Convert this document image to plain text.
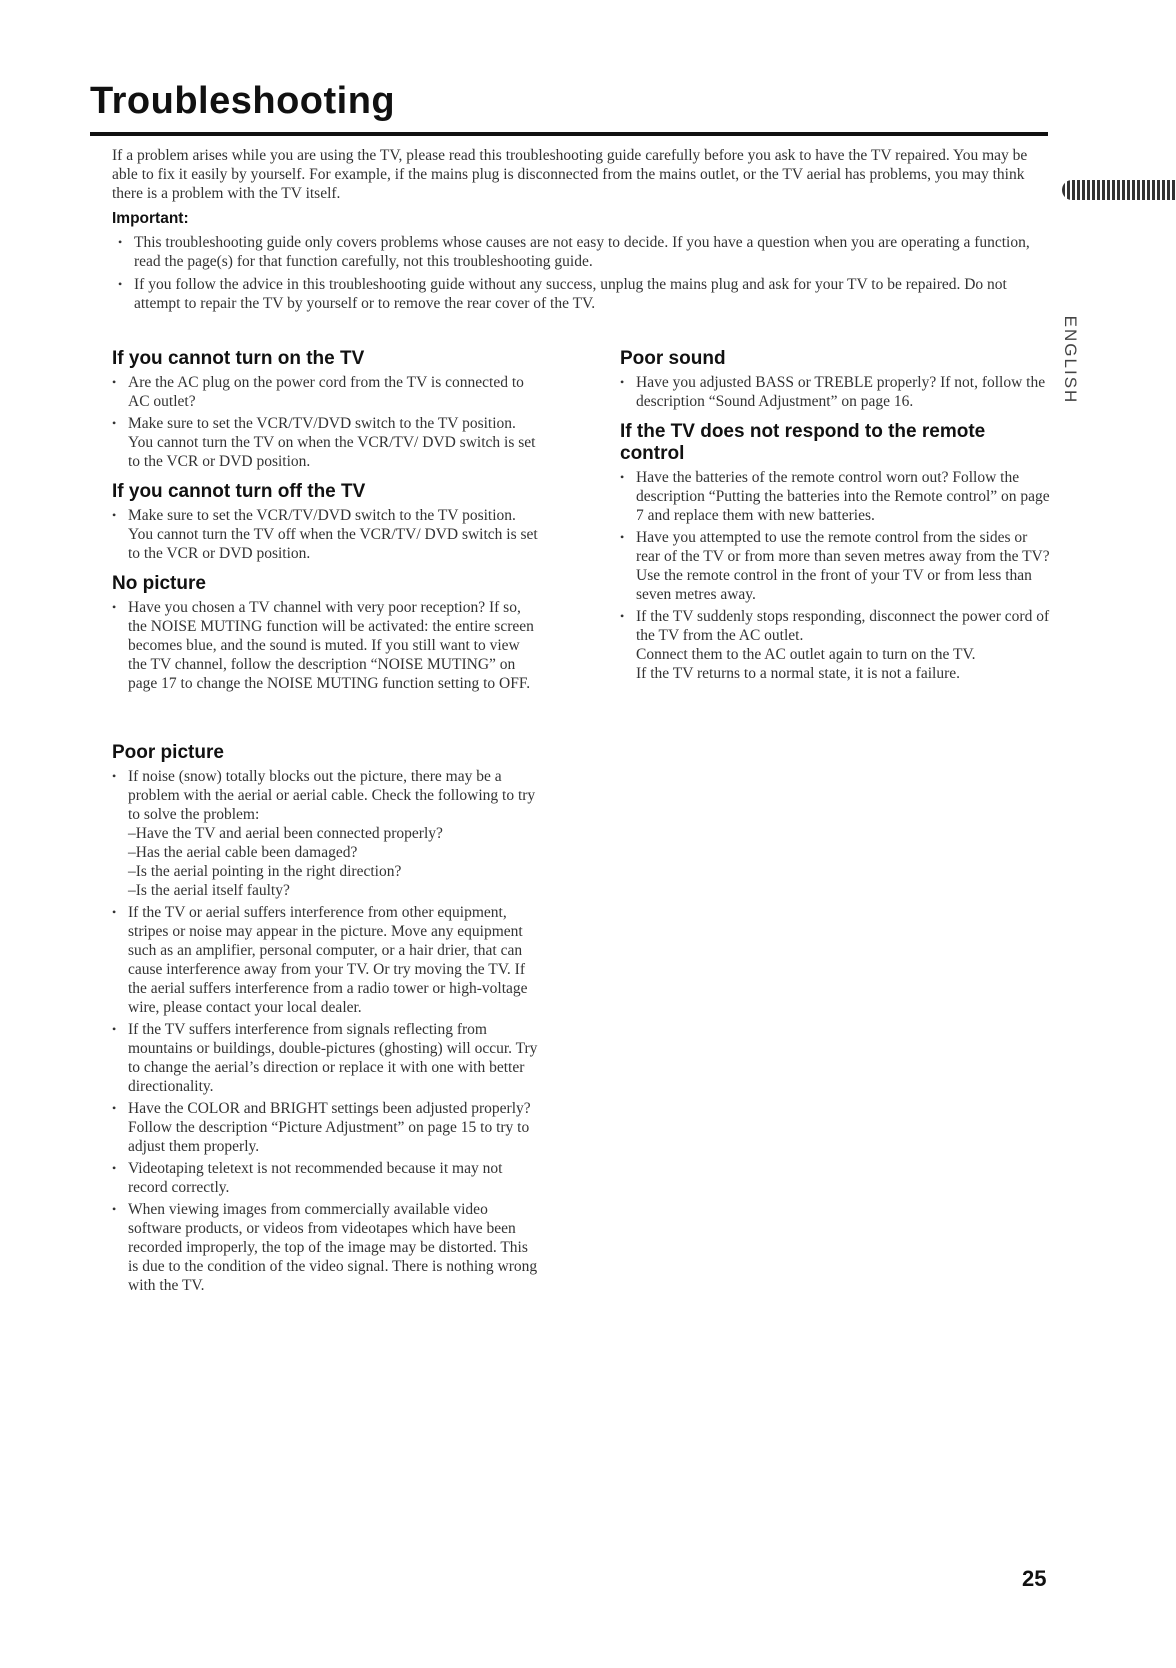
Troubleshooting

If a problem arises while you are using the TV, please read this troubleshooting guide carefully before you ask to have the TV repaired. You may be able to fix it easily by yourself. For example, if the mains plug is disconnected from the mains outlet, or the TV aerial has problems, you may think there is a problem with the TV itself.

Important:

• This troubleshooting guide only covers problems whose causes are not easy to decide. If you have a question when you are operating a function, read the page(s) for that function carefully, not this troubleshooting guide.
• If you follow the advice in this troubleshooting guide without any success, unplug the mains plug and ask for your TV to be repaired. Do not attempt to repair the TV by yourself or to remove the rear cover of the TV.
ENGLISH
If you cannot turn on the TV
• Are the AC plug on the power cord from the TV is connected to AC outlet?
• Make sure to set the VCR/TV/DVD switch to the TV position. You cannot turn the TV on when the VCR/TV/ DVD switch is set to the VCR or DVD position.
If you cannot turn off the TV
• Make sure to set the VCR/TV/DVD switch to the TV position. You cannot turn the TV off when the VCR/TV/ DVD switch is set to the VCR or DVD position.
No picture
• Have you chosen a TV channel with very poor reception? If so, the NOISE MUTING function will be activated: the entire screen becomes blue, and the sound is muted. If you still want to view the TV channel, follow the description “NOISE MUTING” on page 17 to change the NOISE MUTING function setting to OFF.
Poor picture
• If noise (snow) totally blocks out the picture, there may be a problem with the aerial or aerial cable. Check the following to try to solve the problem:
–Have the TV and aerial been connected properly?
–Has the aerial cable been damaged?
–Is the aerial pointing in the right direction?
–Is the aerial itself faulty?
• If the TV or aerial suffers interference from other equipment, stripes or noise may appear in the picture. Move any equipment such as an amplifier, personal computer, or a hair drier, that can cause interference away from your TV. Or try moving the TV. If the aerial suffers interference from a radio tower or high-voltage wire, please contact your local dealer.
• If the TV suffers interference from signals reflecting from mountains or buildings, double-pictures (ghosting) will occur. Try to change the aerial’s direction or replace it with one with better directionality.
• Have the COLOR and BRIGHT settings been adjusted properly? Follow the description “Picture Adjustment” on page 15 to try to adjust them properly.
• Videotaping teletext is not recommended because it may not record correctly.
• When viewing images from commercially available video software products, or videos from videotapes which have been recorded improperly, the top of the image may be distorted. This is due to the condition of the video signal. There is nothing wrong with the TV.
Poor sound
• Have you adjusted BASS or TREBLE properly? If not, follow the description “Sound Adjustment” on page 16.
If the TV does not respond to the remote control
• Have the batteries of the remote control worn out? Follow the description “Putting the batteries into the Remote control” on page 7 and replace them with new batteries.
• Have you attempted to use the remote control from the sides or rear of the TV or from more than seven metres away from the TV? Use the remote control in the front of your TV or from less than seven metres away.
• If the TV suddenly stops responding, disconnect the power cord of the TV from the AC outlet.
Connect them to the AC outlet again to turn on the TV.
If the TV returns to a normal state, it is not a failure.

25
